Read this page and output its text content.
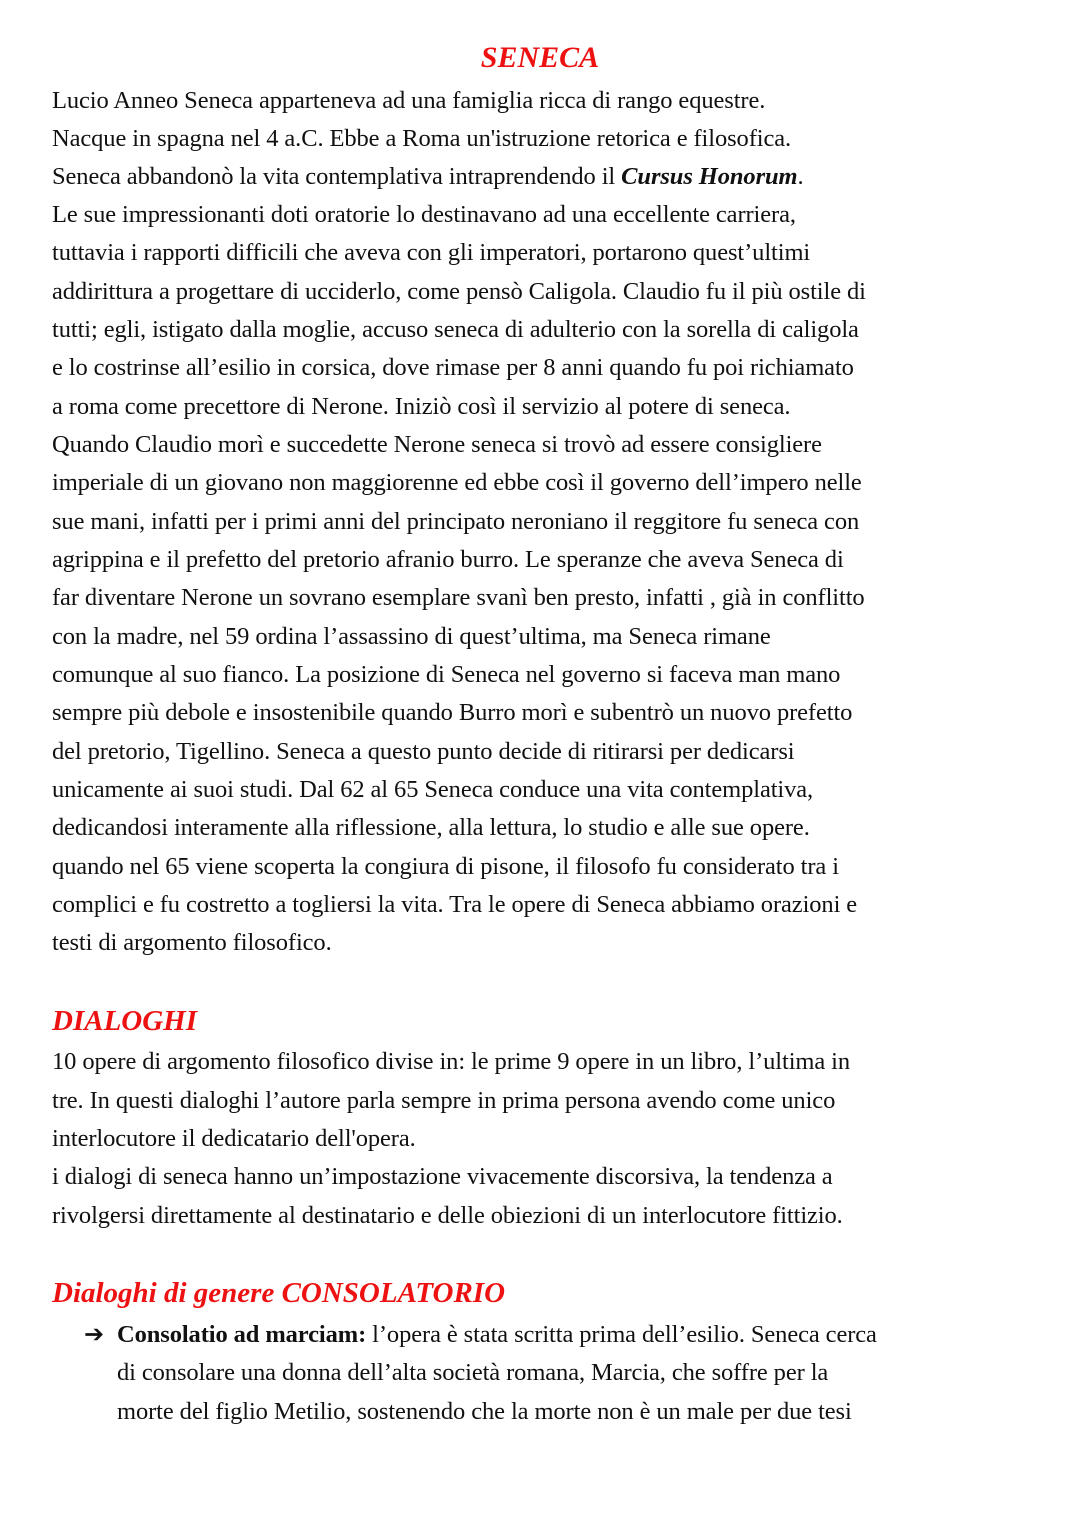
SENECA
Lucio Anneo Seneca apparteneva ad una famiglia ricca di rango equestre.
Nacque in spagna nel 4 a.C. Ebbe a Roma un'istruzione retorica e filosofica.
Seneca abbandonò la vita contemplativa intraprendendo il Cursus Honorum.
Le sue impressionanti doti oratorie lo destinavano ad una eccellente carriera,
tuttavia i rapporti difficili che aveva con gli imperatori, portarono quest’ultimi
addirittura a progettare di ucciderlo, come pensò Caligola. Claudio fu il più ostile di
tutti; egli, istigato dalla moglie, accuso seneca di adulterio con la sorella di caligola
e lo costrinse all’esilio in corsica, dove rimase per 8 anni quando fu poi richiamato
a roma come precettore di Nerone. Iniziò così il servizio al potere di seneca.
Quando Claudio morì e succedette Nerone seneca si trovò ad essere consigliere
imperiale di un giovano non maggiorenne ed ebbe così il governo dell’impero nelle
sue mani, infatti per i primi anni del principato neroniano il reggitore fu seneca con
agrippina e il prefetto del pretorio afranio burro. Le speranze che aveva Seneca di
far diventare Nerone un sovrano esemplare svanì ben presto, infatti , già in conflitto
con la madre, nel 59 ordina l’assassino di quest’ultima, ma Seneca rimane
comunque al suo fianco. La posizione di Seneca nel governo si faceva man mano
sempre più debole e insostenibile quando Burro morì e subentrò un nuovo prefetto
del pretorio, Tigellino. Seneca a questo punto decide di ritirarsi per dedicarsi
unicamente ai suoi studi. Dal 62 al 65 Seneca conduce una vita contemplativa,
dedicandosi interamente alla riflessione, alla lettura, lo studio e alle sue opere.
quando nel 65 viene scoperta la congiura di pisone, il filosofo fu considerato tra i
complici e fu costretto a togliersi la vita. Tra le opere di Seneca abbiamo orazioni e
testi di argomento filosofico.
DIALOGHI
10 opere di argomento filosofico divise in: le prime 9 opere in un libro, l’ultima in
tre. In questi dialoghi l’autore parla sempre in prima persona avendo come unico
interlocutore il dedicatario dell'opera.
i dialogi di seneca hanno un’impostazione vivacemente discorsiva, la tendenza a
rivolgersi direttamente al destinatario e delle obiezioni di un interlocutore fittizio.
Dialoghi di genere CONSOLATORIO
➔ Consolatio ad marciam: l’opera è stata scritta prima dell’esilio. Seneca cerca
di consolare una donna dell’alta società romana, Marcia, che soffre per la
morte del figlio Metilio, sostenendo che la morte non è un male per due tesi
